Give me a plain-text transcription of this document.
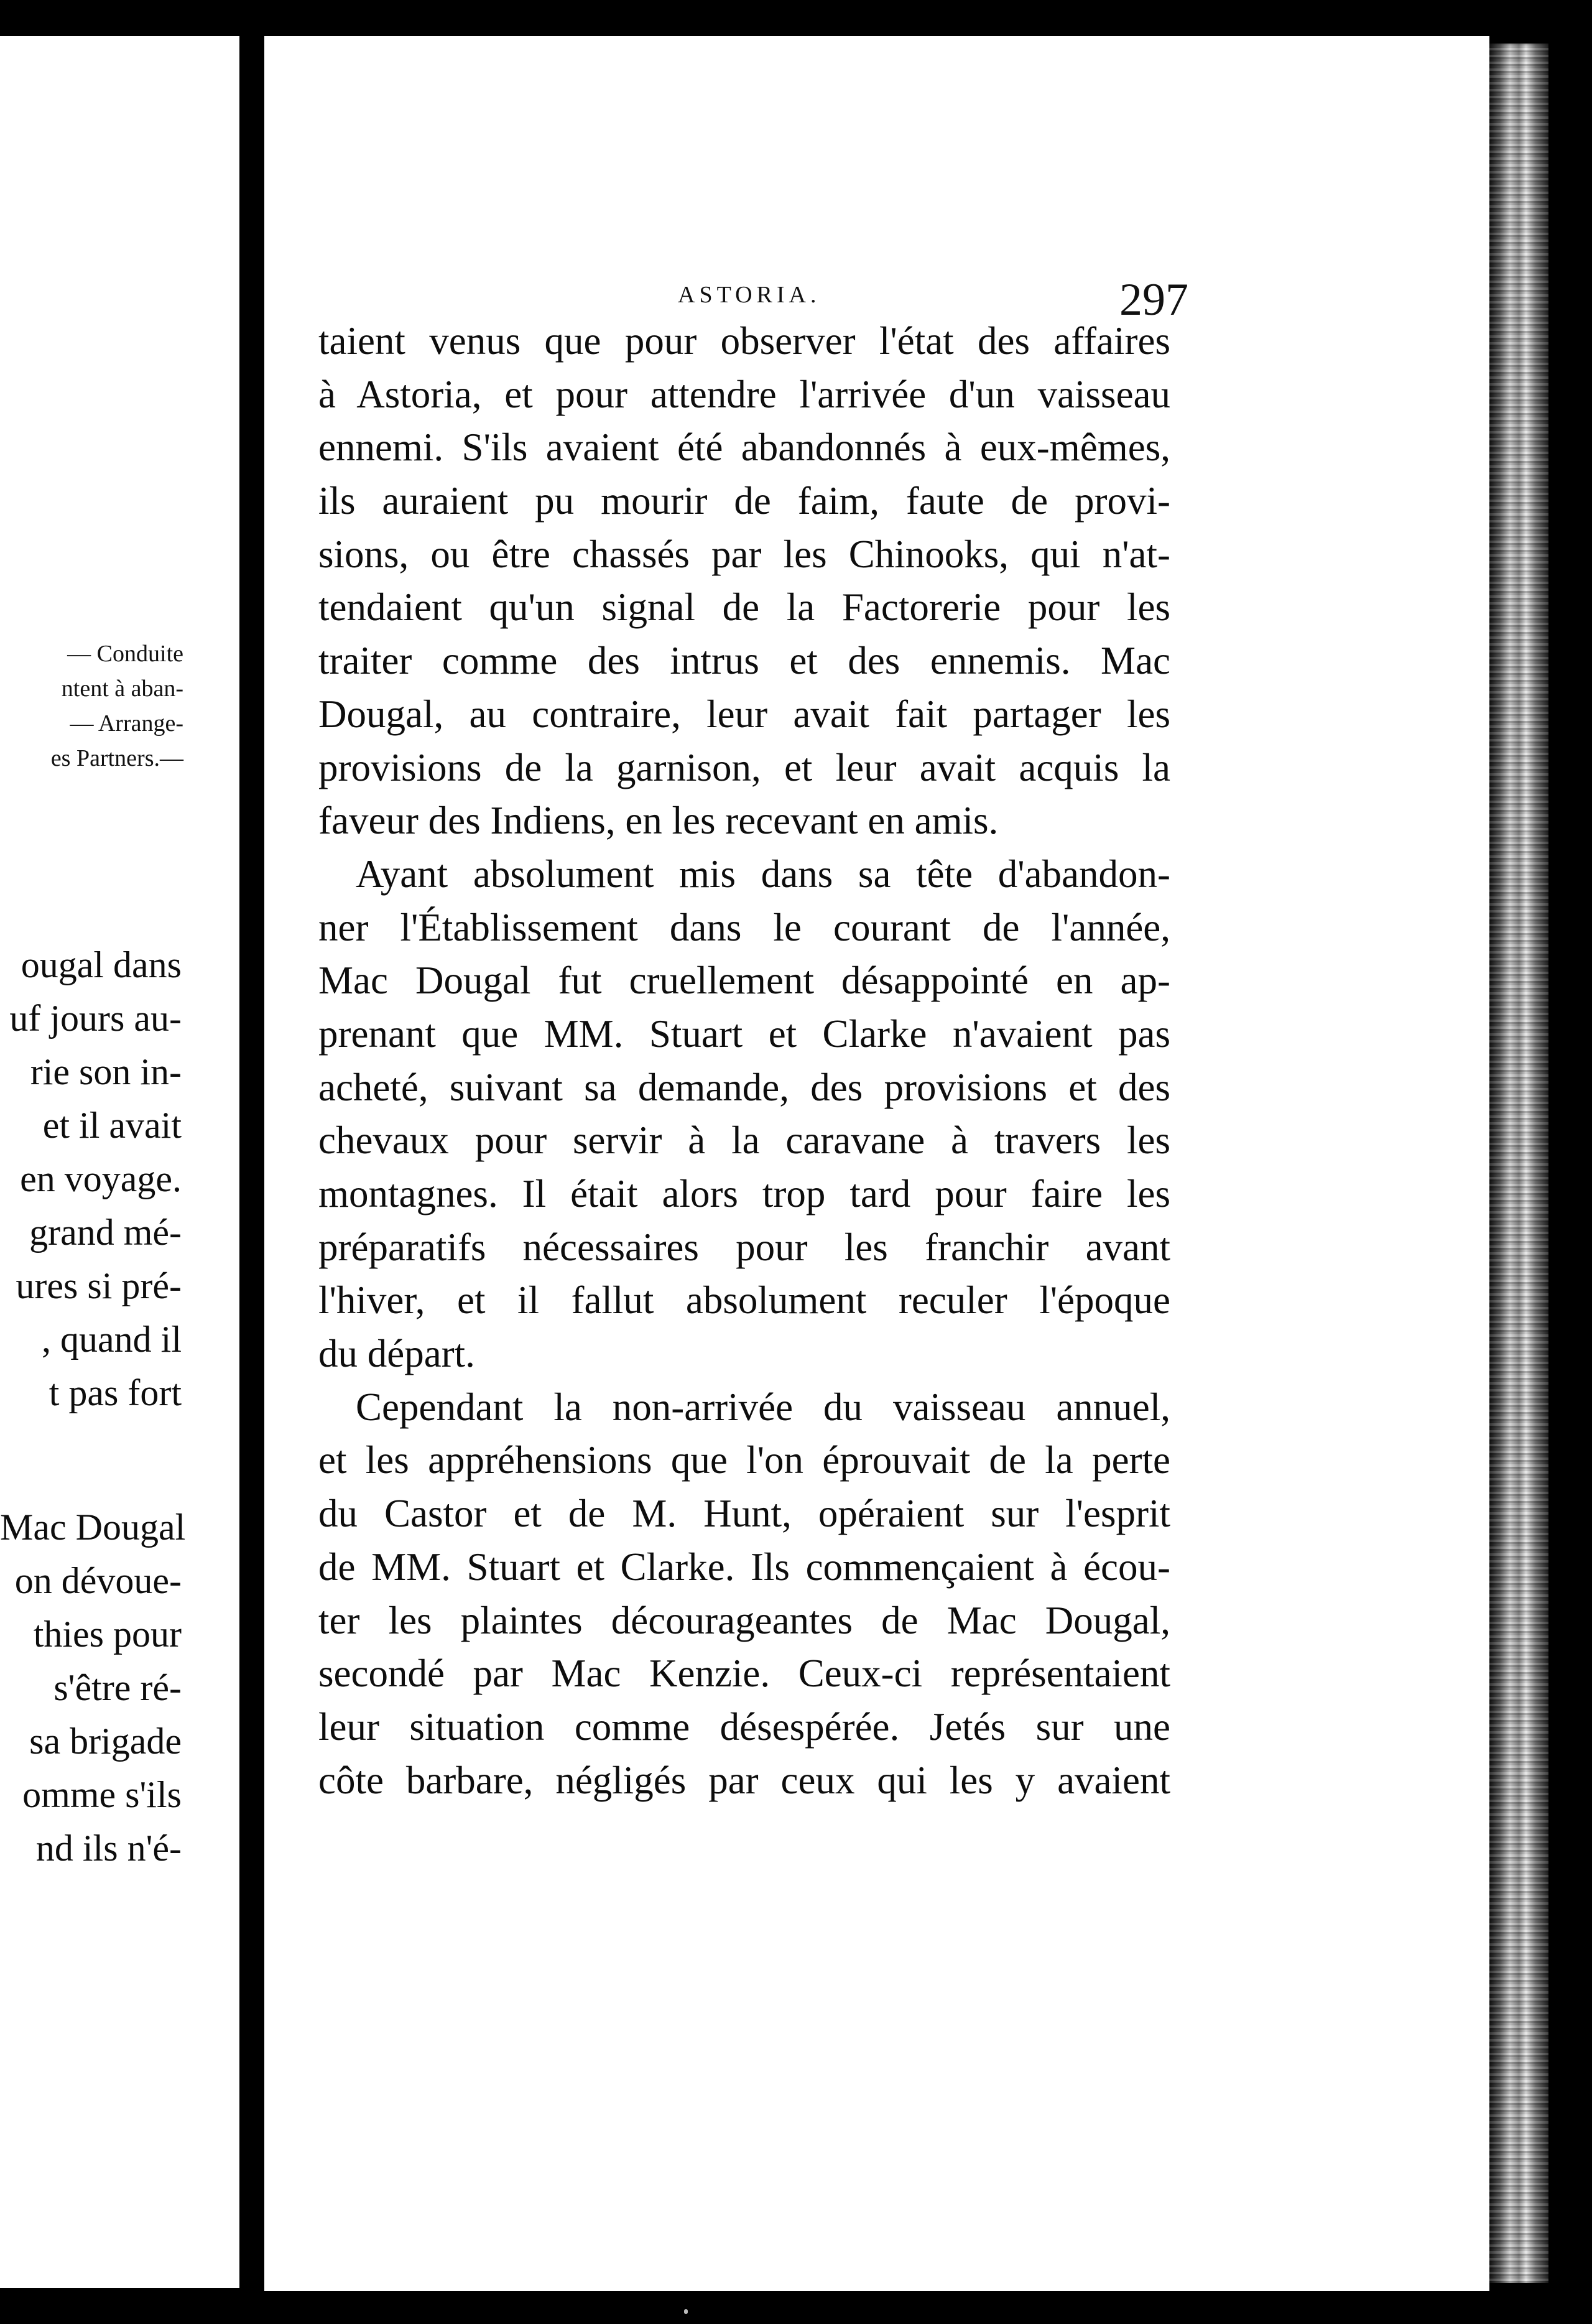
— Conduite
ntent à aban-
— Arrange-
es Partners.—
ougal dans
uf jours au-
rie son in-
et il avait
en voyage.
grand mé-
ures si pré-
, quand il
t pas fort
Mac Dougal
on dévoue-
thies pour
s'être ré-
sa brigade
omme s'ils
nd ils n'é-
ASTORIA.	297
taient venus que pour observer l'état des affaires
à Astoria, et pour attendre l'arrivée d'un vaisseau
ennemi. S'ils avaient été abandonnés à eux-mêmes,
ils auraient pu mourir de faim, faute de provi-
sions, ou être chassés par les Chinooks, qui n'at-
tendaient qu'un signal de la Factorerie pour les
traiter comme des intrus et des ennemis. Mac
Dougal, au contraire, leur avait fait partager les
provisions de la garnison, et leur avait acquis la
faveur des Indiens, en les recevant en amis.
Ayant absolument mis dans sa tête d'abandon-
ner l'Établissement dans le courant de l'année,
Mac Dougal fut cruellement désappointé en ap-
prenant que MM. Stuart et Clarke n'avaient pas
acheté, suivant sa demande, des provisions et des
chevaux pour servir à la caravane à travers les
montagnes. Il était alors trop tard pour faire les
préparatifs nécessaires pour les franchir avant
l'hiver, et il fallut absolument reculer l'époque
du départ.
Cependant la non-arrivée du vaisseau annuel,
et les appréhensions que l'on éprouvait de la perte
du Castor et de M. Hunt, opéraient sur l'esprit
de MM. Stuart et Clarke. Ils commençaient à écou-
ter les plaintes décourageantes de Mac Dougal,
secondé par Mac Kenzie. Ceux-ci représentaient
leur situation comme désespérée. Jetés sur une
côte barbare, négligés par ceux qui les y avaient
